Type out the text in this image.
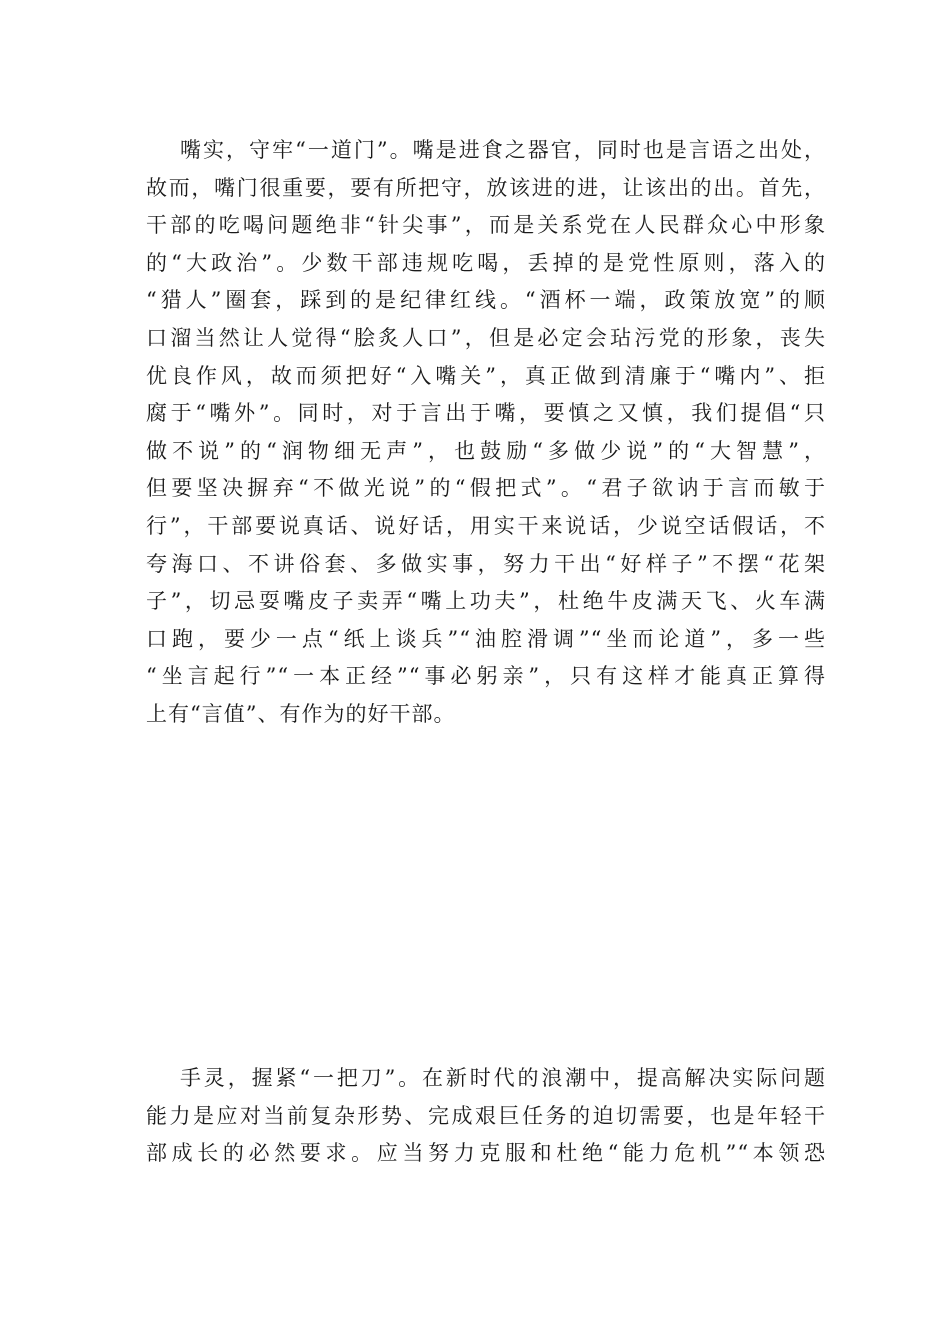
嘴实，守牢“一道门”。嘴是进食之器官，同时也是言语之出处，
故而，嘴门很重要，要有所把守，放该进的进，让该出的出。首先，
干部的吃喝问题绝非“针尖事”，而是关系党在人民群众心中形象
的“大政治”。少数干部违规吃喝，丢掉的是党性原则，落入的
“猎人”圈套，踩到的是纪律红线。“酒杯一端，政策放宽”的顺
口溜当然让人觉得“脍炙人口”，但是必定会玷污党的形象，丧失
优良作风，故而须把好“入嘴关”，真正做到清廉于“嘴内”、拒
腐于“嘴外”。同时，对于言出于嘴，要慎之又慎，我们提倡“只
做不说”的“润物细无声”，也鼓励“多做少说”的“大智慧”，
但要坚决摒弃“不做光说”的“假把式”。“君子欲讷于言而敏于
行”，干部要说真话、说好话，用实干来说话，少说空话假话，不
夸海口、不讲俗套、多做实事，努力干出“好样子”不摆“花架
子”，切忌耍嘴皮子卖弄“嘴上功夫”，杜绝牛皮满天飞、火车满
口跑，要少一点“纸上谈兵”“油腔滑调”“坐而论道”，多一些
“坐言起行”“一本正经”“事必躬亲”，只有这样才能真正算得
上有“言值”、有作为的好干部。
手灵，握紧“一把刀”。在新时代的浪潮中，提高解决实际问题
能力是应对当前复杂形势、完成艰巨任务的迫切需要，也是年轻干
部成长的必然要求。应当努力克服和杜绝“能力危机”“本领恐
